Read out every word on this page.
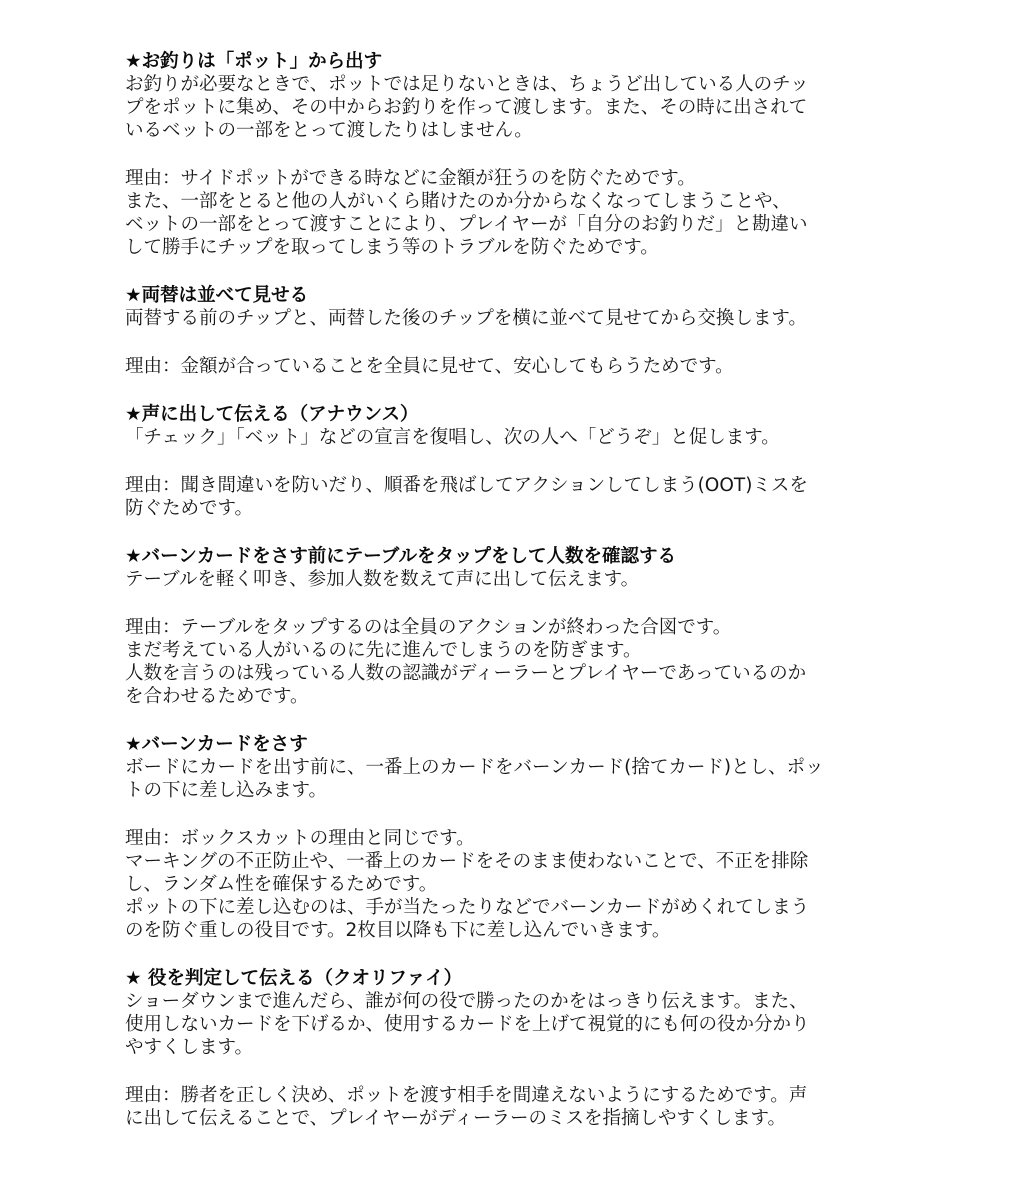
★お釣りは「ポット」から出す
お釣りが必要なときで、ポットでは足りないときは、ちょうど出している人のチッ
プをポットに集め、その中からお釣りを作って渡します。また、その時に出されて
いるベットの一部をとって渡したりはしません。
理由：サイドポットができる時などに金額が狂うのを防ぐためです。
また、一部をとると他の人がいくら賭けたのか分からなくなってしまうことや、
ベットの一部をとって渡すことにより、プレイヤーが「自分のお釣りだ」と勘違い
して勝手にチップを取ってしまう等のトラブルを防ぐためです。
★両替は並べて見せる
両替する前のチップと、両替した後のチップを横に並べて見せてから交換します。
理由：金額が合っていることを全員に見せて、安心してもらうためです。
★声に出して伝える（アナウンス）
「チェック」「ベット」などの宣言を復唱し、次の人へ「どうぞ」と促します。
理由：聞き間違いを防いだり、順番を飛ばしてアクションしてしまう(OOT)ミスを
防ぐためです。
★バーンカードをさす前にテーブルをタップをして人数を確認する
テーブルを軽く叩き、参加人数を数えて声に出して伝えます。
理由：テーブルをタップするのは全員のアクションが終わった合図です。
まだ考えている人がいるのに先に進んでしまうのを防ぎます。
人数を言うのは残っている人数の認識がディーラーとプレイヤーであっているのか
を合わせるためです。
★バーンカードをさす
ボードにカードを出す前に、一番上のカードをバーンカード(捨てカード)とし、ポッ
トの下に差し込みます。
理由：ボックスカットの理由と同じです。
マーキングの不正防止や、一番上のカードをそのまま使わないことで、不正を排除
し、ランダム性を確保するためです。
ポットの下に差し込むのは、手が当たったりなどでバーンカードがめくれてしまう
のを防ぐ重しの役目です。2枚目以降も下に差し込んでいきます。
★ 役を判定して伝える（クオリファイ）
ショーダウンまで進んだら、誰が何の役で勝ったのかをはっきり伝えます。また、
使用しないカードを下げるか、使用するカードを上げて視覚的にも何の役か分かり
やすくします。
理由：勝者を正しく決め、ポットを渡す相手を間違えないようにするためです。声
に出して伝えることで、プレイヤーがディーラーのミスを指摘しやすくします。
